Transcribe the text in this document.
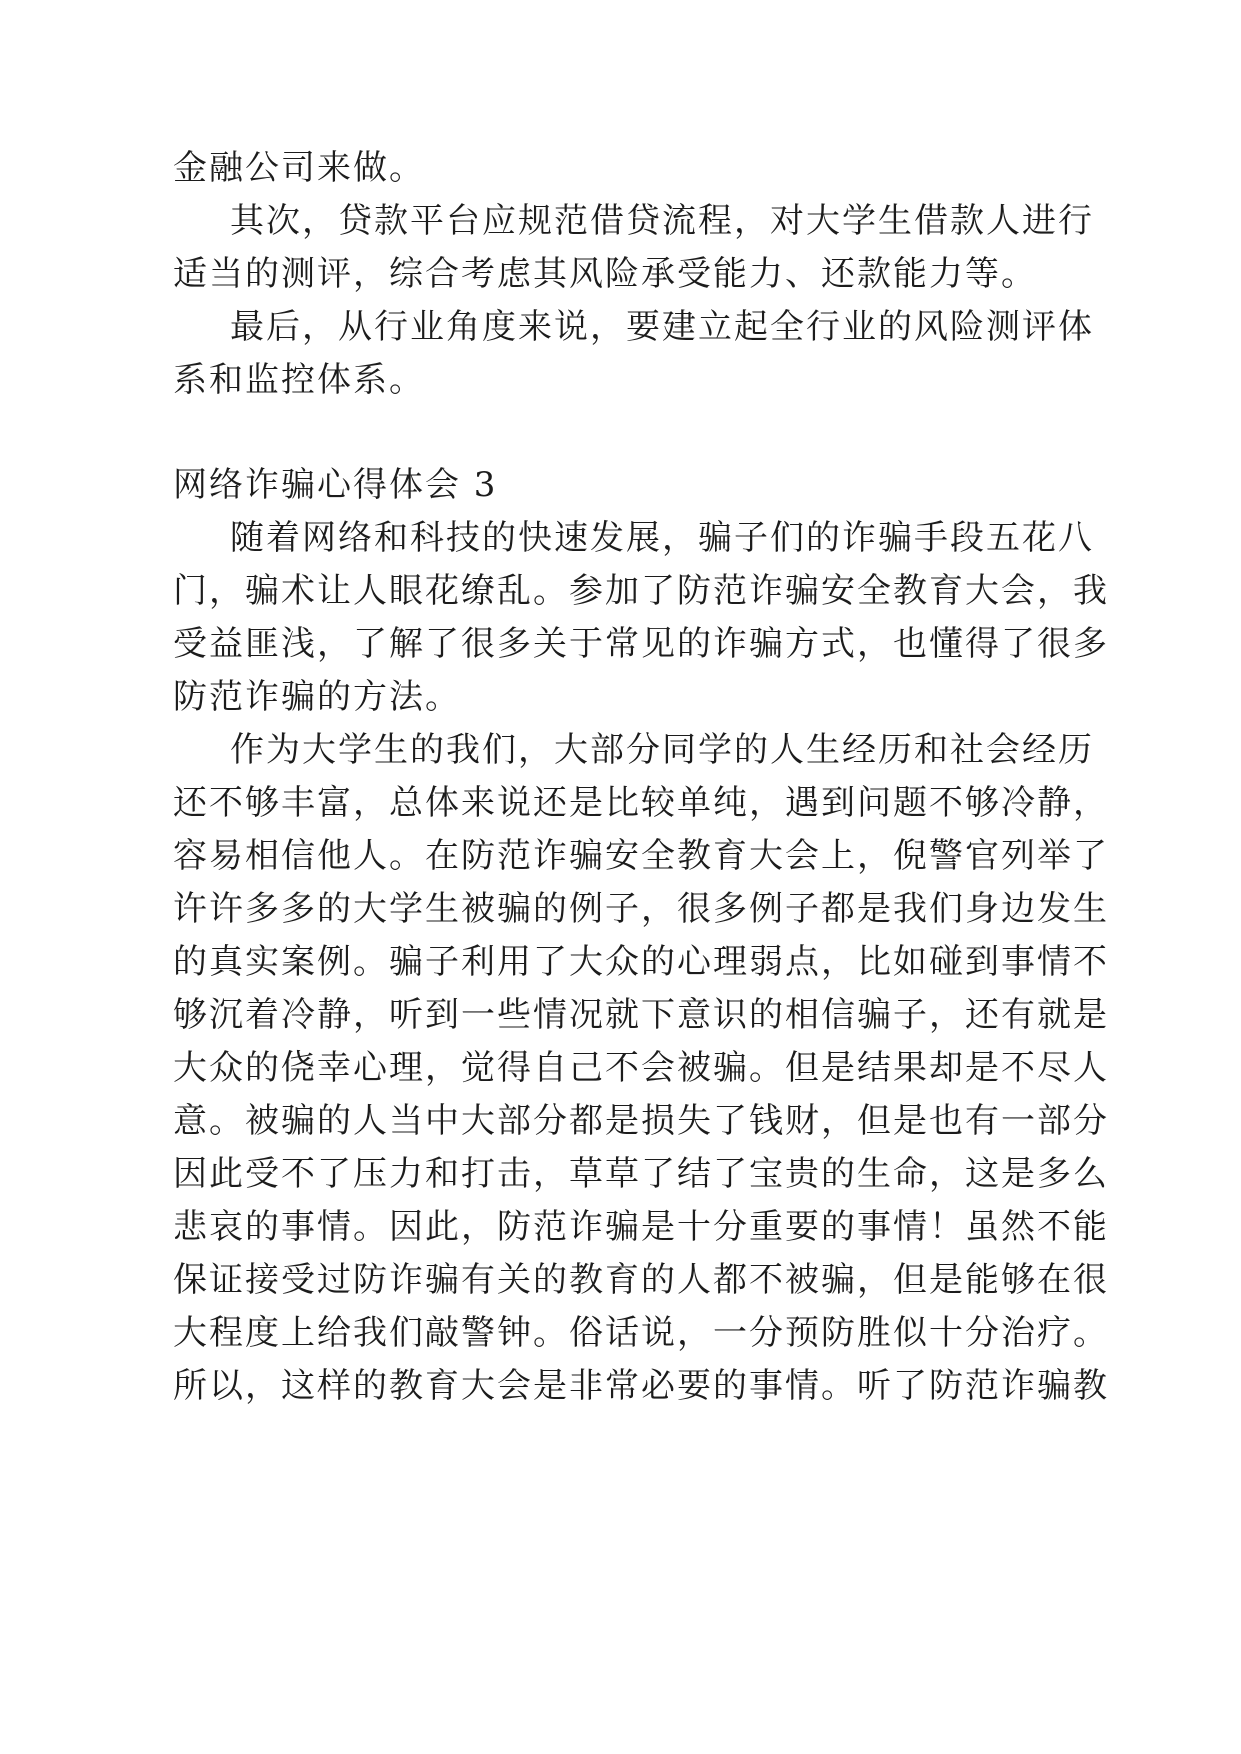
金融公司来做。
其次，贷款平台应规范借贷流程，对大学生借款人进行
适当的测评，综合考虑其风险承受能力、还款能力等。
最后，从行业角度来说，要建立起全行业的风险测评体
系和监控体系。
网络诈骗心得体会 3
随着网络和科技的快速发展，骗子们的诈骗手段五花八
门，骗术让人眼花缭乱。参加了防范诈骗安全教育大会，我
受益匪浅，了解了很多关于常见的诈骗方式，也懂得了很多
防范诈骗的方法。
作为大学生的我们，大部分同学的人生经历和社会经历
还不够丰富，总体来说还是比较单纯，遇到问题不够冷静，
容易相信他人。在防范诈骗安全教育大会上，倪警官列举了
许许多多的大学生被骗的例子，很多例子都是我们身边发生
的真实案例。骗子利用了大众的心理弱点，比如碰到事情不
够沉着冷静，听到一些情况就下意识的相信骗子，还有就是
大众的侥幸心理，觉得自己不会被骗。但是结果却是不尽人
意。被骗的人当中大部分都是损失了钱财，但是也有一部分
因此受不了压力和打击，草草了结了宝贵的生命，这是多么
悲哀的事情。因此，防范诈骗是十分重要的事情！虽然不能
保证接受过防诈骗有关的教育的人都不被骗，但是能够在很
大程度上给我们敲警钟。俗话说，一分预防胜似十分治疗。
所以，这样的教育大会是非常必要的事情。听了防范诈骗教
